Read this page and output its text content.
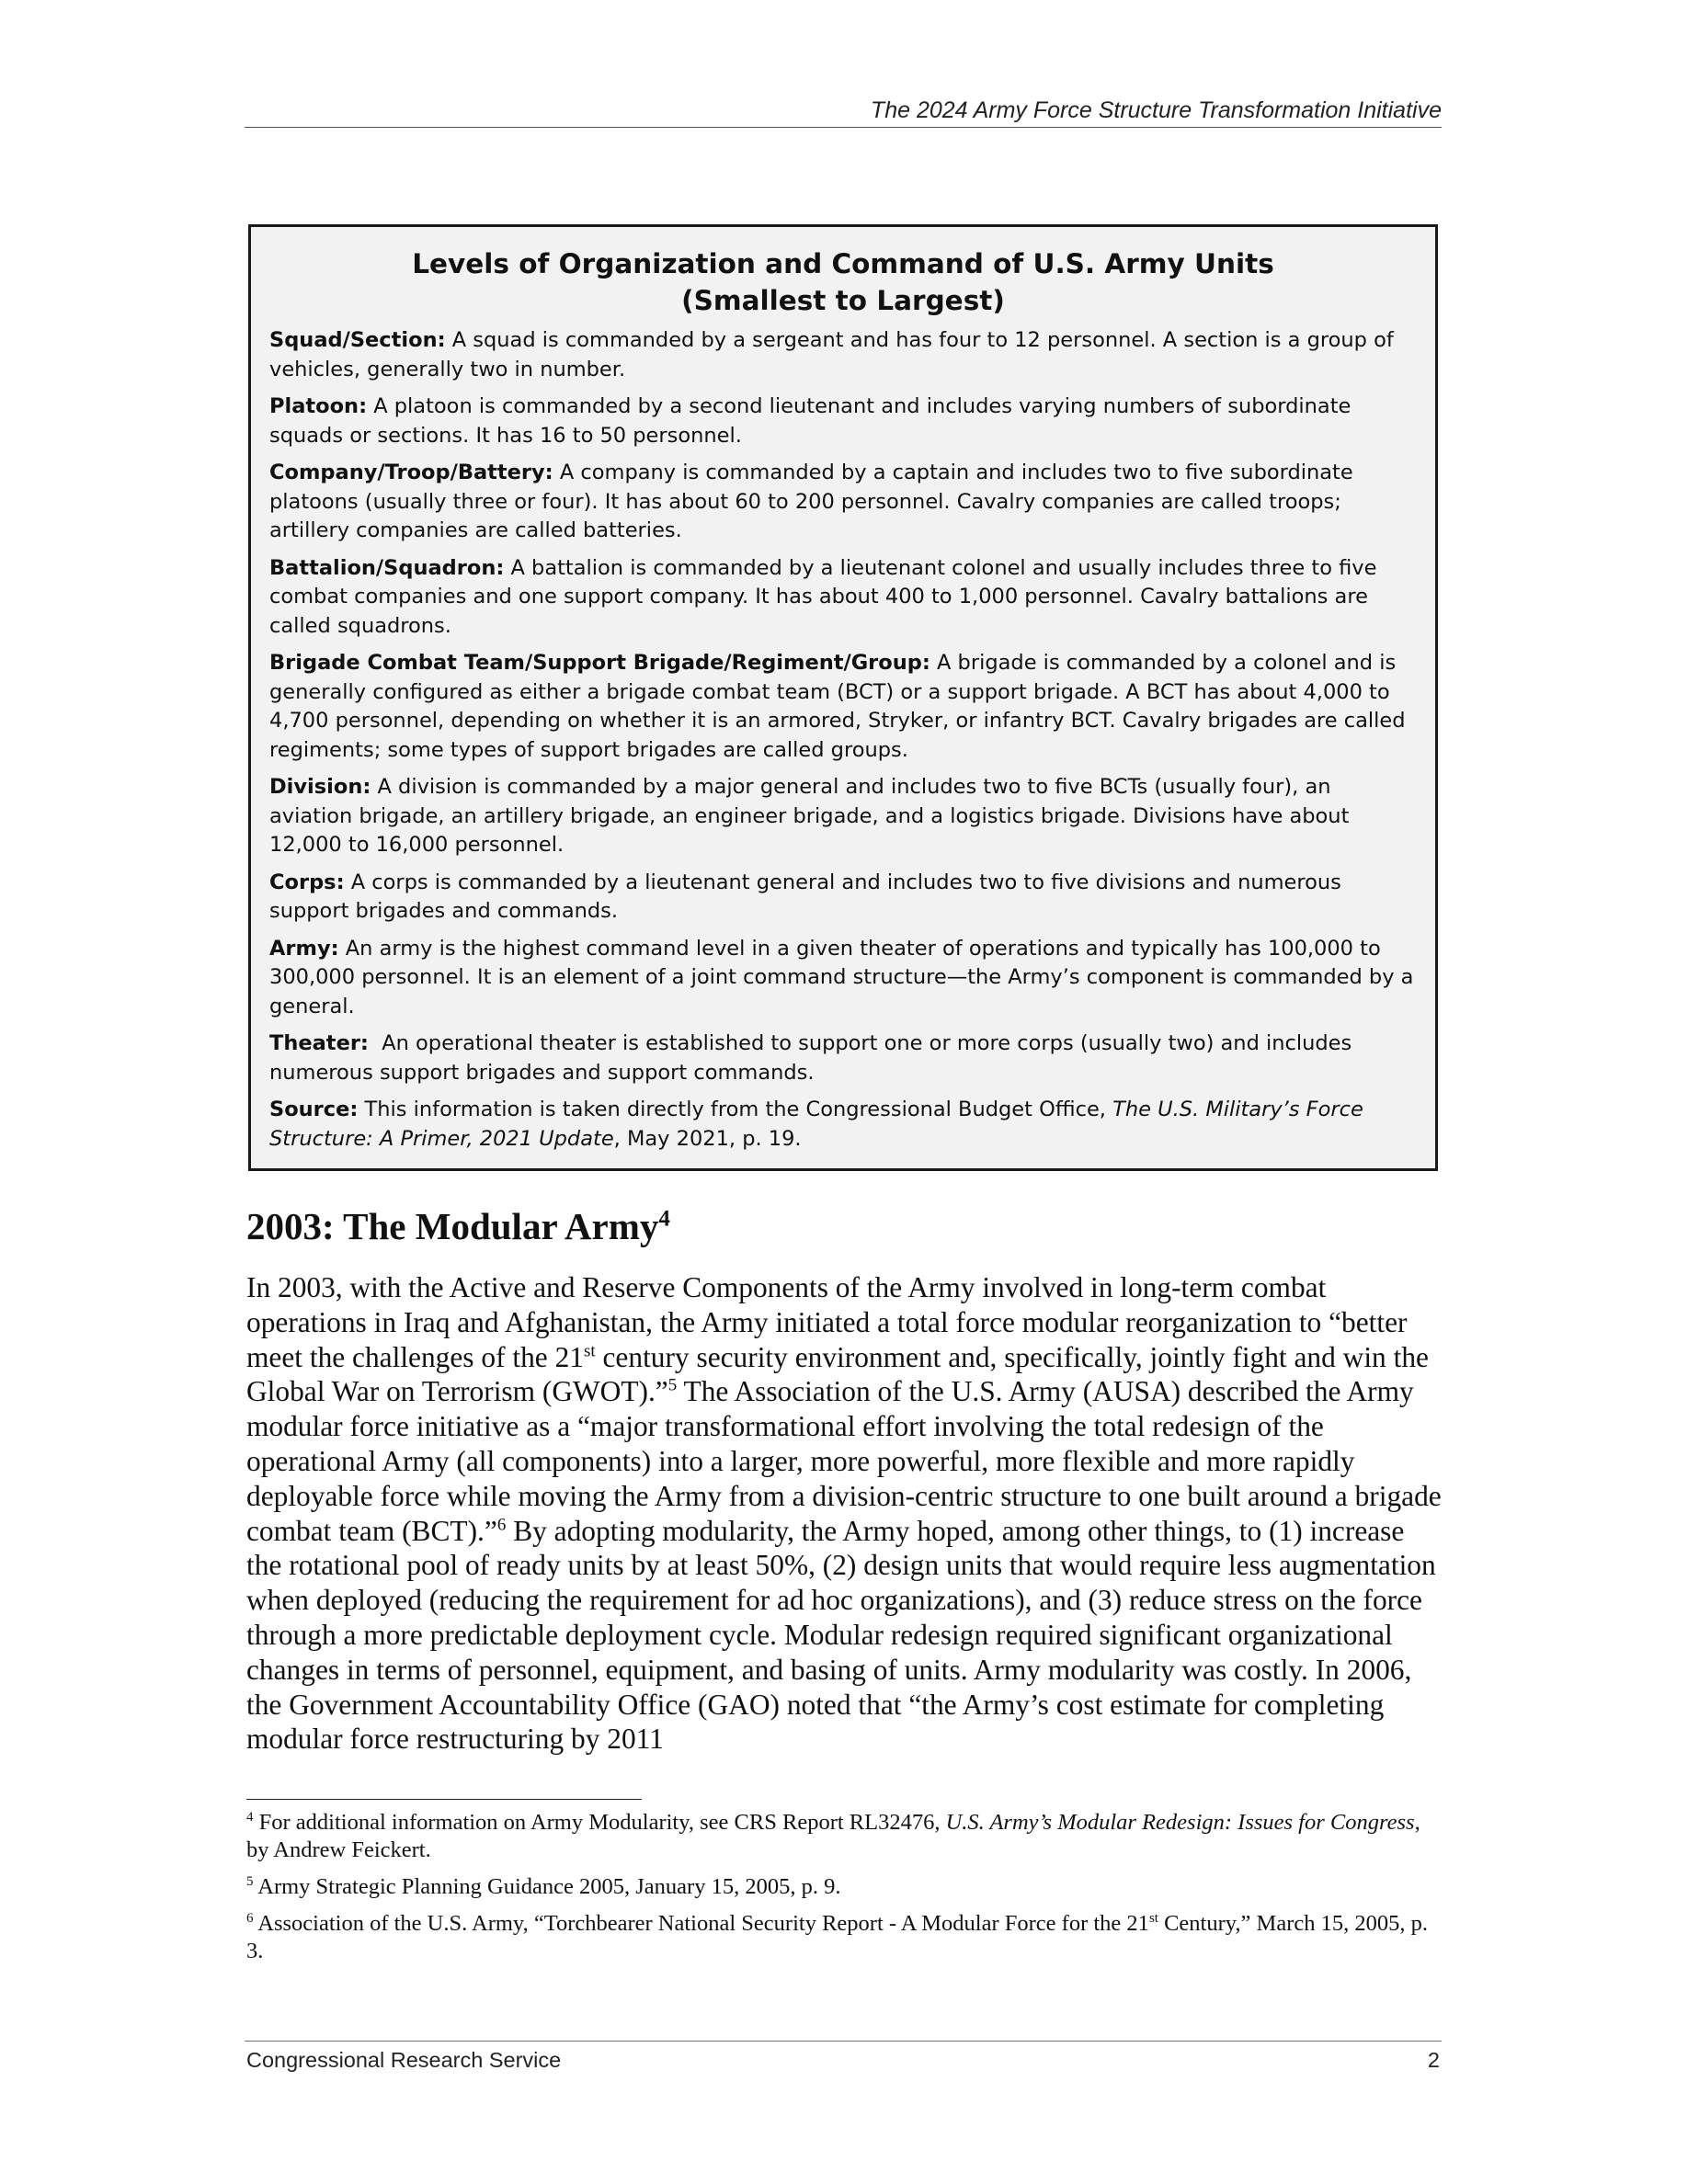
The 2024 Army Force Structure Transformation Initiative
Levels of Organization and Command of U.S. Army Units
(Smallest to Largest)

Squad/Section: A squad is commanded by a sergeant and has four to 12 personnel. A section is a group of vehicles, generally two in number.

Platoon: A platoon is commanded by a second lieutenant and includes varying numbers of subordinate squads or sections. It has 16 to 50 personnel.

Company/Troop/Battery: A company is commanded by a captain and includes two to five subordinate platoons (usually three or four). It has about 60 to 200 personnel. Cavalry companies are called troops; artillery companies are called batteries.

Battalion/Squadron: A battalion is commanded by a lieutenant colonel and usually includes three to five combat companies and one support company. It has about 400 to 1,000 personnel. Cavalry battalions are called squadrons.

Brigade Combat Team/Support Brigade/Regiment/Group: A brigade is commanded by a colonel and is generally configured as either a brigade combat team (BCT) or a support brigade. A BCT has about 4,000 to 4,700 personnel, depending on whether it is an armored, Stryker, or infantry BCT. Cavalry brigades are called regiments; some types of support brigades are called groups.

Division: A division is commanded by a major general and includes two to five BCTs (usually four), an aviation brigade, an artillery brigade, an engineer brigade, and a logistics brigade. Divisions have about 12,000 to 16,000 personnel.

Corps: A corps is commanded by a lieutenant general and includes two to five divisions and numerous support brigades and commands.

Army: An army is the highest command level in a given theater of operations and typically has 100,000 to 300,000 personnel. It is an element of a joint command structure—the Army’s component is commanded by a general.

Theater:  An operational theater is established to support one or more corps (usually two) and includes numerous support brigades and support commands.

Source: This information is taken directly from the Congressional Budget Office, The U.S. Military’s Force Structure: A Primer, 2021 Update, May 2021, p. 19.

2003: The Modular Army$^4$

In 2003, with the Active and Reserve Components of the Army involved in long-term combat operations in Iraq and Afghanistan, the Army initiated a total force modular reorganization to “better meet the challenges of the 21st century security environment and, specifically, jointly fight and win the Global War on Terrorism (GWOT).”$^5$ The Association of the U.S. Army (AUSA) described the Army modular force initiative as a “major transformational effort involving the total redesign of the operational Army (all components) into a larger, more powerful, more flexible and more rapidly deployable force while moving the Army from a division-centric structure to one built around a brigade combat team (BCT).”$^6$ By adopting modularity, the Army hoped, among other things, to (1) increase the rotational pool of ready units by at least 50%, (2) design units that would require less augmentation when deployed (reducing the requirement for ad hoc organizations), and (3) reduce stress on the force through a more predictable deployment cycle. Modular redesign required significant organizational changes in terms of personnel, equipment, and basing of units. Army modularity was costly. In 2006, the Government Accountability Office (GAO) noted that “the Army’s cost estimate for completing modular force restructuring by 2011

$^4$ For additional information on Army Modularity, see CRS Report RL32476, U.S. Army’s Modular Redesign: Issues for Congress, by Andrew Feickert.

$^5$ Army Strategic Planning Guidance 2005, January 15, 2005, p. 9.

$^6$ Association of the U.S. Army, “Torchbearer National Security Report - A Modular Force for the 21st Century,” March 15, 2005, p. 3.

Congressional Research Service	2
